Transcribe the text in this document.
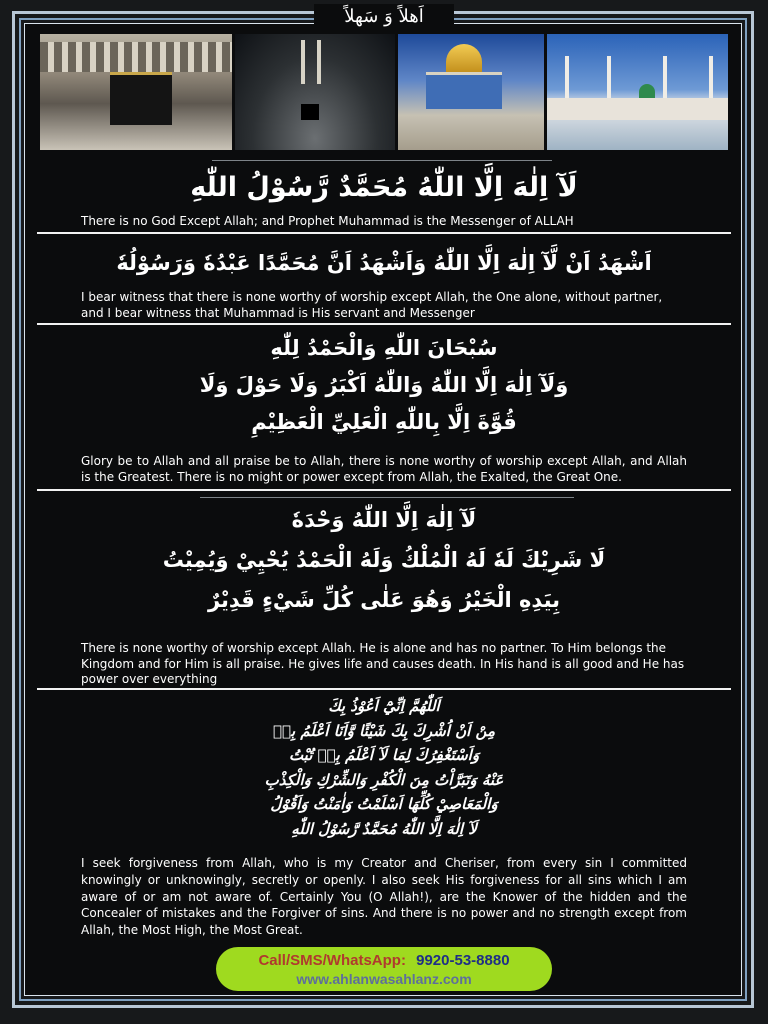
اَهلاً وَ سَهلاً
لَآ اِلٰهَ اِلَّا اللّٰهُ مُحَمَّدٌ رَّسُوْلُ اللّٰهِ
There is no God Except Allah; and Prophet Muhammad is the Messenger of ALLAH
اَشْهَدُ اَنْ لَّآ اِلٰهَ اِلَّا اللّٰهُ وَاَشْهَدُ اَنَّ مُحَمَّدًا عَبْدُهٗ وَرَسُوْلُهٗ
I bear witness that there is none worthy of worship except Allah, the One alone, without partner, and I bear witness that Muhammad is His servant and Messenger
سُبْحَانَ اللّٰهِ وَالْحَمْدُ لِلّٰهِ
وَلَآ اِلٰهَ اِلَّا اللّٰهُ وَاللّٰهُ اَكْبَرُ وَلَا حَوْلَ وَلَا
قُوَّةَ اِلَّا بِاللّٰهِ الْعَلِيِّ الْعَظِيْمِ
Glory be to Allah and all praise be to Allah, there is none worthy of worship except Allah, and Allah is the Greatest. There is no might or power except from Allah, the Exalted, the Great One.
لَآ اِلٰهَ اِلَّا اللّٰهُ وَحْدَهٗ
لَا شَرِيْكَ لَهٗ لَهُ الْمُلْكُ وَلَهُ الْحَمْدُ يُحْيِيْ وَيُمِيْتُ
بِيَدِهِ الْخَيْرُ وَهُوَ عَلٰى كُلِّ شَيْءٍ قَدِيْرٌ
There is none worthy of worship except Allah. He is alone and has no partner. To Him belongs the Kingdom and for Him is all praise. He gives life and causes death. In His hand is all good and He has power over everything
اَللّٰهُمَّ اِنِّيْٓ اَعُوْذُ بِكَ
مِنْ اَنْ اُشْرِكَ بِكَ شَيْئًا وَّاَنَا اَعْلَمُ بِهٖ
وَاَسْتَغْفِرُكَ لِمَا لَآ اَعْلَمُ بِهٖ تُبْتُ
عَنْهُ وَتَبَرَّاْتُ مِنَ الْكُفْرِ وَالشِّرْكِ وَالْكِذْبِ
وَالْمَعَاصِيْ كُلِّهَا اَسْلَمْتُ وَاٰمَنْتُ وَاَقُوْلُ
لَآ اِلٰهَ اِلَّا اللّٰهُ مُحَمَّدٌ رَّسُوْلُ اللّٰهِ
I seek forgiveness from Allah, who is my Creator and Cheriser, from every sin I committed knowingly or unknowingly, secretly or openly. I also seek His forgiveness for all sins which I am aware of or am not aware of. Certainly You (O Allah!), are the Knower of the hidden and the Concealer of mistakes and the Forgiver of sins. And there is no power and no strength except from Allah, the Most High, the Most Great.
Call/SMS/WhatsApp: 9920-53-8880
www.ahlanwasahlanz.com
